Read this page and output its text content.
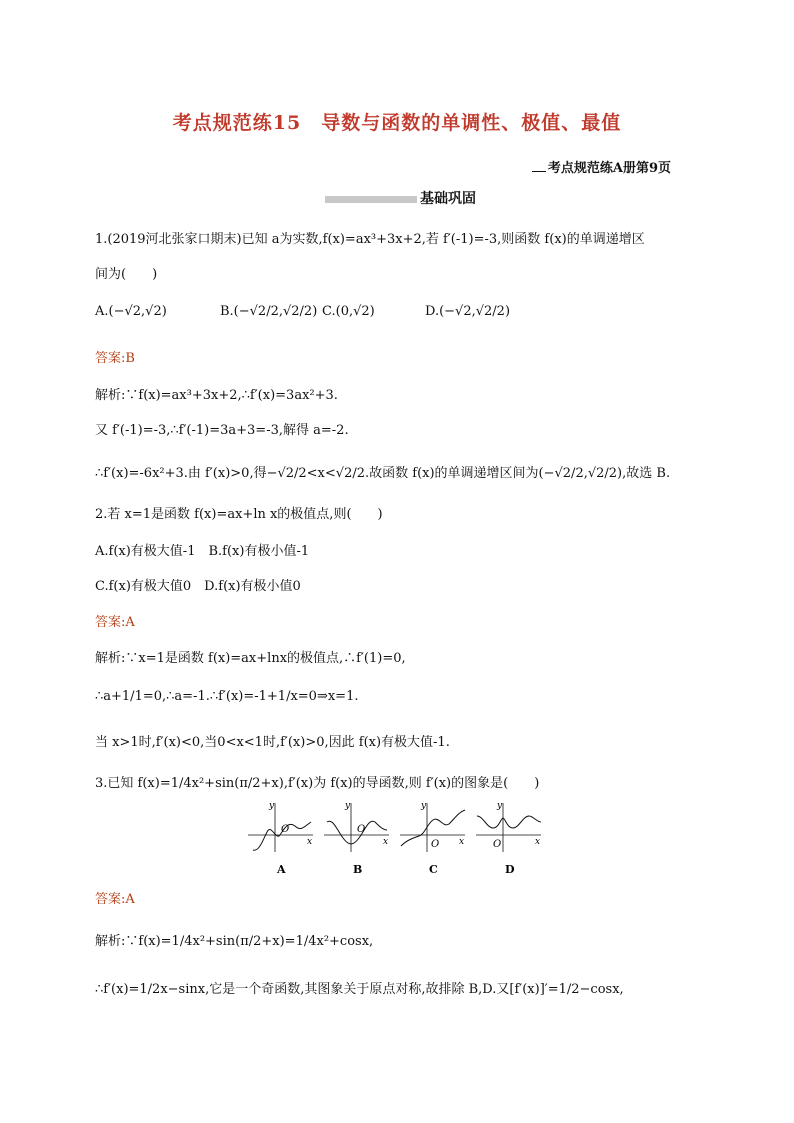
考点规范练15　导数与函数的单调性、极值、最值
考点规范练A册第9页
基础巩固
1.(2019河北张家口期末)已知 a为实数,f(x)=ax³+3x+2,若 f′(-1)=-3,则函数 f(x)的单调递增区
间为(　　)
A.(−√2,√2)	B.(−√2/2,√2/2) C.(0,√2)	D.(−√2,√2/2)
答案:B
解析:∵f(x)=ax³+3x+2,∴f′(x)=3ax²+3.
又 f′(-1)=-3,∴f′(-1)=3a+3=-3,解得 a=-2.
∴f′(x)=-6x²+3.由 f′(x)>0,得−√2/2<x<√2/2.故函数 f(x)的单调递增区间为(−√2/2,√2/2),故选 B.
2.若 x=1是函数 f(x)=ax+ln x的极值点,则(　　)
A.f(x)有极大值-1　B.f(x)有极小值-1
C.f(x)有极大值0　D.f(x)有极小值0
答案:A
解析:∵x=1是函数 f(x)=ax+lnx的极值点,∴f′(1)=0,
∴a+1/1=0,∴a=-1.∴f′(x)=-1+1/x=0⇒x=1.
当 x>1时,f′(x)<0,当0<x<1时,f′(x)>0,因此 f(x)有极大值-1.
3.已知 f(x)=1/4x²+sin(π/2+x),f′(x)为 f(x)的导函数,则 f′(x)的图象是(　　)
y
O
x
A
y
O
x
B
y
O x
C
y
O	x
D
答案:A
解析:∵f(x)=1/4x²+sin(π/2+x)=1/4x²+cosx,
∴f′(x)=1/2x−sinx,它是一个奇函数,其图象关于原点对称,故排除 B,D.又[f′(x)]′=1/2−cosx,
